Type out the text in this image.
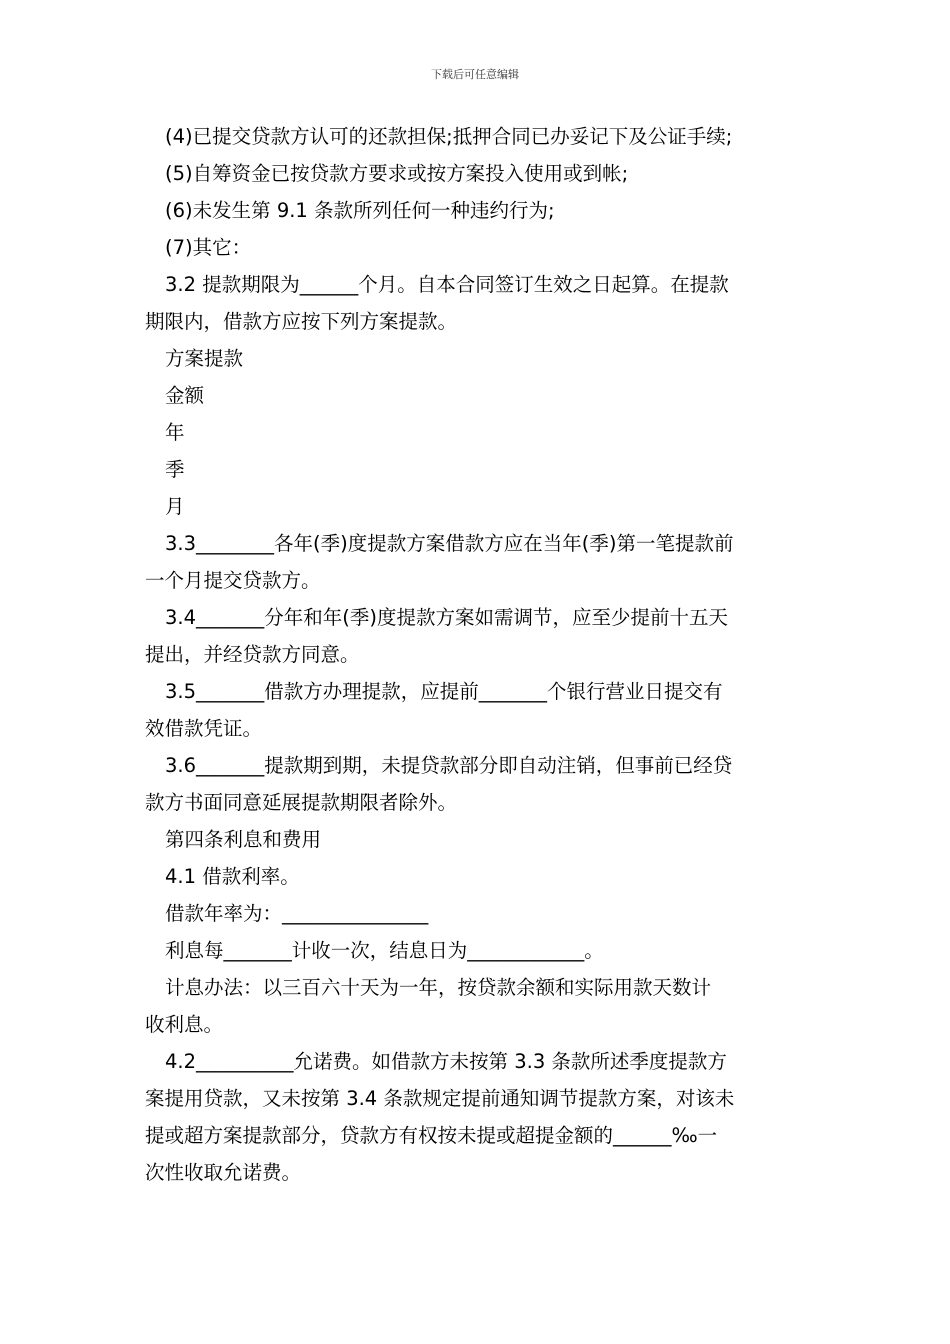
下载后可任意编辑
(4)已提交贷款方认可的还款担保;抵押合同已办妥记下及公证手续;
(5)自筹资金已按贷款方要求或按方案投入使用或到帐;
(6)未发生第 9.1 条款所列任何一种违约行为;
(7)其它：
3.2 提款期限为______个月。自本合同签订生效之日起算。在提款
期限内，借款方应按下列方案提款。
方案提款
金额
年
季
月
3.3________各年(季)度提款方案借款方应在当年(季)第一笔提款前
一个月提交贷款方。
3.4_______分年和年(季)度提款方案如需调节，应至少提前十五天
提出，并经贷款方同意。
3.5_______借款方办理提款，应提前_______个银行营业日提交有
效借款凭证。
3.6_______提款期到期，未提贷款部分即自动注销，但事前已经贷
款方书面同意延展提款期限者除外。
第四条利息和费用
4.1 借款利率。
借款年率为：_______________
利息每_______计收一次，结息日为____________。
计息办法：以三百六十天为一年，按贷款余额和实际用款天数计
收利息。
4.2__________允诺费。如借款方未按第 3.3 条款所述季度提款方
案提用贷款，又未按第 3.4 条款规定提前通知调节提款方案，对该未
提或超方案提款部分，贷款方有权按未提或超提金额的______‰一
次性收取允诺费。
